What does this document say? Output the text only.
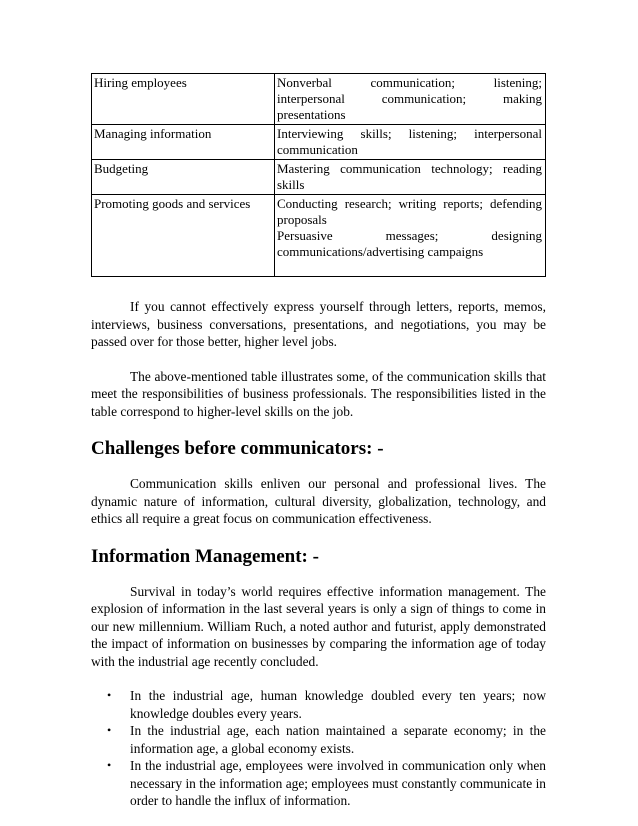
Hiring employees	Nonverbal communication; listening; interpersonal communication; making presentations

Managing information	Interviewing skills; listening; interpersonal communication

Budgeting	Mastering communication technology; reading skills

Promoting goods and services	Conducting research; writing reports; defending proposals
Persuasive messages; designing communications/advertising campaigns

If you cannot effectively express yourself through letters, reports, memos, interviews, business conversations, presentations, and negotiations, you may be passed over for those better, higher level jobs.

The above-mentioned table illustrates some, of the communication skills that meet the responsibilities of business professionals. The responsibilities listed in the table correspond to higher-level skills on the job.

Challenges before communicators: -

Communication skills enliven our personal and professional lives. The dynamic nature of information, cultural diversity, globalization, technology, and ethics all require a great focus on communication effectiveness.

Information Management: -

Survival in today’s world requires effective information management. The explosion of information in the last several years is only a sign of things to come in our new millennium. William Ruch, a noted author and futurist, apply demonstrated the impact of information on businesses by comparing the information age of today with the industrial age recently concluded.

• In the industrial age, human knowledge doubled every ten years; now knowledge doubles every years.
• In the industrial age, each nation maintained a separate economy; in the information age, a global economy exists.
• In the industrial age, employees were involved in communication only when necessary in the information age; employees must constantly communicate in order to handle the influx of information.
